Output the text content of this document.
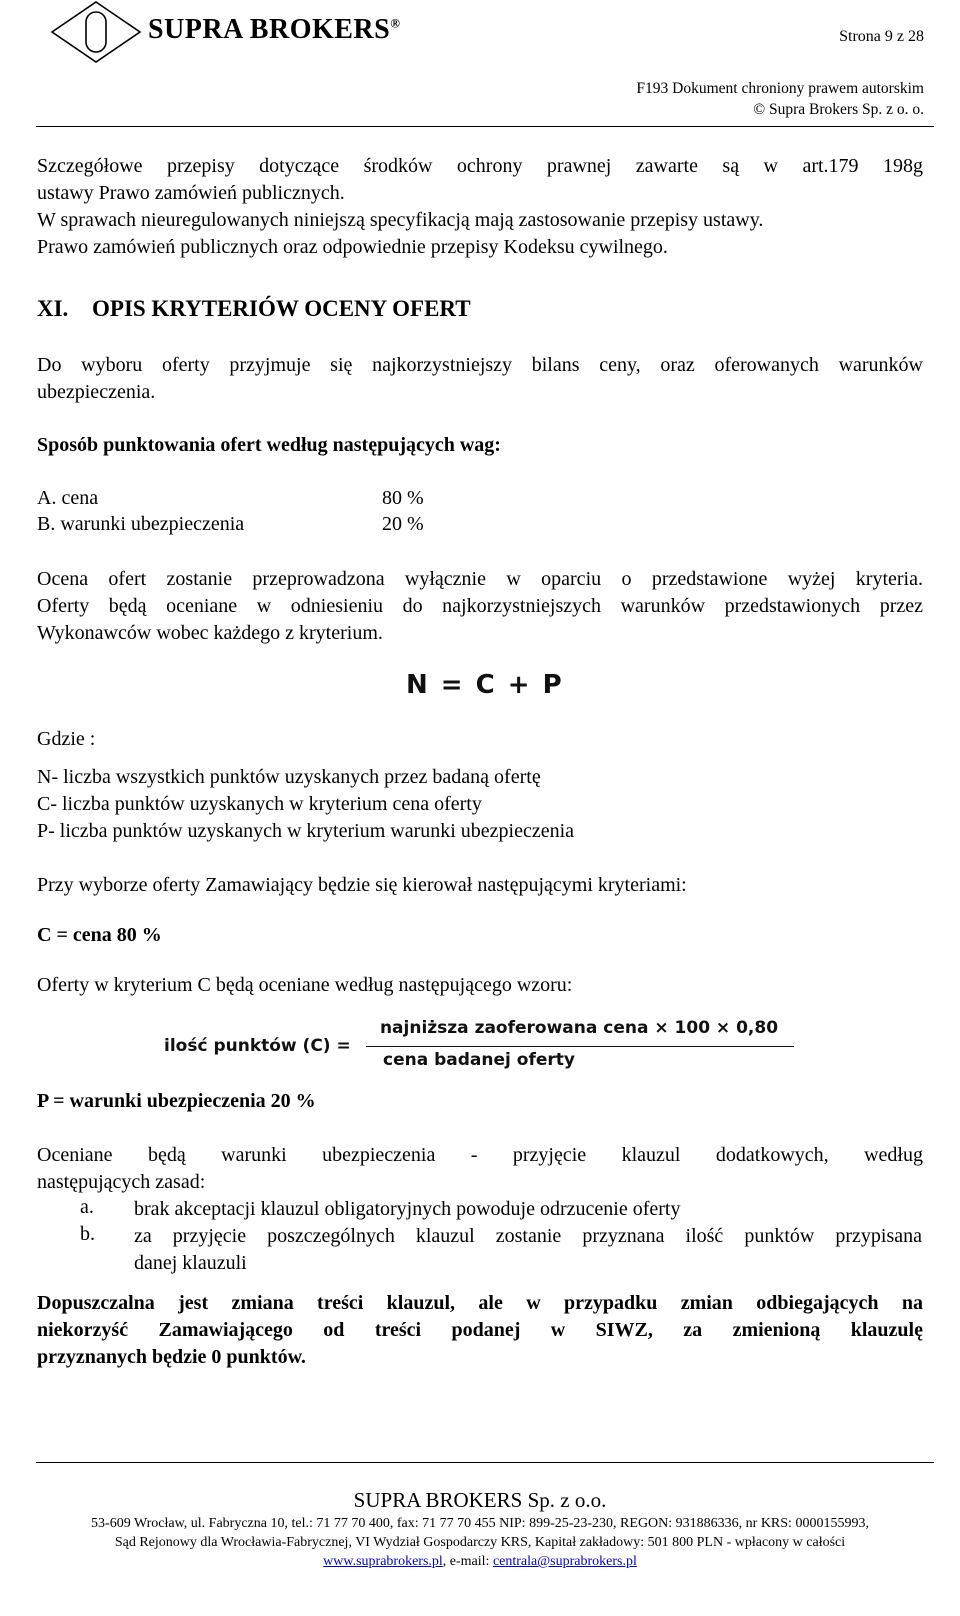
SUPRA BROKERS®
Strona 9 z 28
F193 Dokument chroniony prawem autorskim
© Supra Brokers Sp. z o. o.
Szczegółowe przepisy dotyczące środków ochrony prawnej zawarte są w art.179 198g
ustawy Prawo zamówień publicznych.
W sprawach nieuregulowanych niniejszą specyfikacją mają zastosowanie przepisy ustawy.
Prawo zamówień publicznych oraz odpowiednie przepisy Kodeksu cywilnego.
XI. OPIS KRYTERIÓW OCENY OFERT
Do wyboru oferty przyjmuje się najkorzystniejszy bilans ceny, oraz oferowanych warunków
ubezpieczenia.
Sposób punktowania ofert według następujących wag:
A. cena	80 %
B. warunki ubezpieczenia	20 %
Ocena ofert zostanie przeprowadzona wyłącznie w oparciu o przedstawione wyżej kryteria.
Oferty będą oceniane w odniesieniu do najkorzystniejszych warunków przedstawionych przez
Wykonawców wobec każdego z kryterium.
N = C + P
Gdzie :
N- liczba wszystkich punktów uzyskanych przez badaną ofertę
C- liczba punktów uzyskanych w kryterium cena oferty
P- liczba punktów uzyskanych w kryterium warunki ubezpieczenia
Przy wyborze oferty Zamawiający będzie się kierował następującymi kryteriami:
C = cena 80 %
Oferty w kryterium C będą oceniane według następującego wzoru:
ilość punktów (C) =
najniższa zaoferowana cena × 100 × 0,80
cena badanej oferty
P = warunki ubezpieczenia 20 %
Oceniane będą warunki ubezpieczenia - przyjęcie klauzul dodatkowych, według
następujących zasad:
a. brak akceptacji klauzul obligatoryjnych powoduje odrzucenie oferty
b. za przyjęcie poszczególnych klauzul zostanie przyznana ilość punktów przypisana
danej klauzuli
Dopuszczalna jest zmiana treści klauzul, ale w przypadku zmian odbiegających na
niekorzyść Zamawiającego od treści podanej w SIWZ, za zmienioną klauzulę
przyznanych będzie 0 punktów.
SUPRA BROKERS Sp. z o.o.
53-609 Wrocław, ul. Fabryczna 10, tel.: 71 77 70 400, fax: 71 77 70 455 NIP: 899-25-23-230, REGON: 931886336, nr KRS: 0000155993,
Sąd Rejonowy dla Wrocławia-Fabrycznej, VI Wydział Gospodarczy KRS, Kapitał zakładowy: 501 800 PLN - wpłacony w całości
www.suprabrokers.pl, e-mail: centrala@suprabrokers.pl
